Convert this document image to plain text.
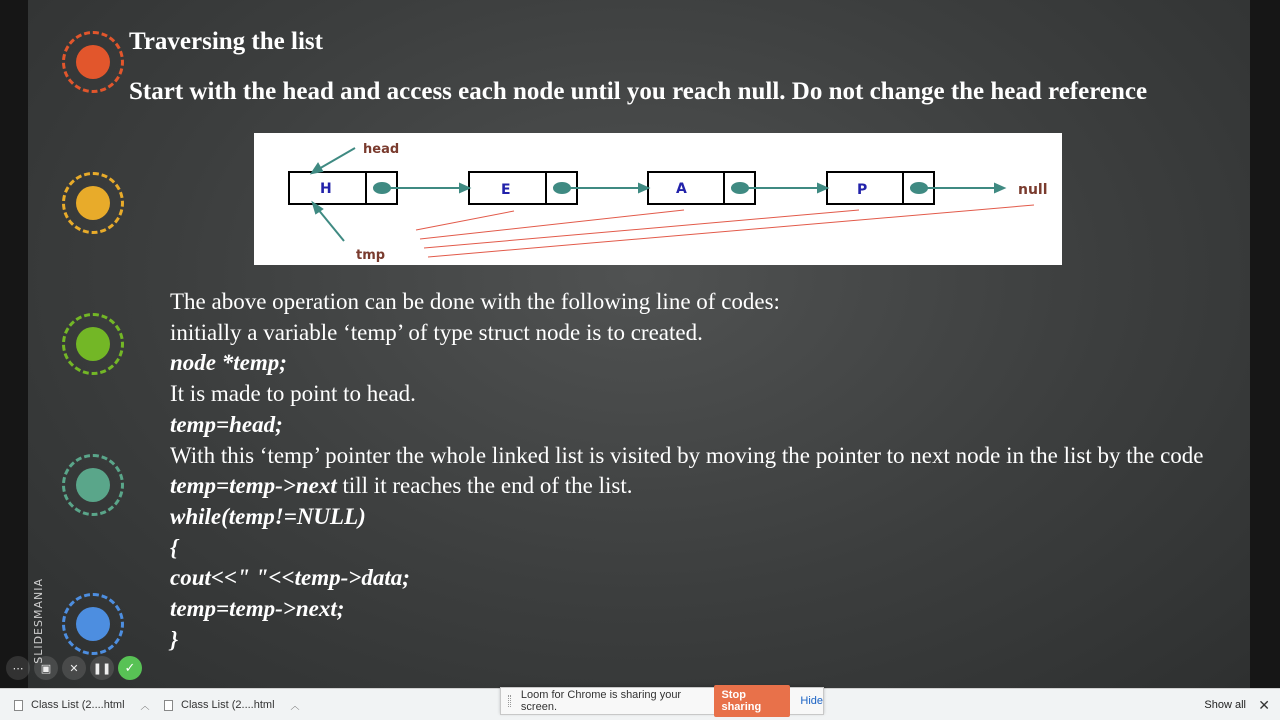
Traversing the list
Start with the head and access each node until you reach null. Do not change the head reference
head
tmp
null
H	E	A	P
The above operation can be done with the following line of codes:
initially a variable ‘temp’ of type struct node is to created.
node *temp;
It is made to point to head.
temp=head;
With this ‘temp’ pointer the whole linked list is visited by moving the pointer to next node in the list by the code temp=temp->next till it reaches the end of the list.
while(temp!=NULL)
{
cout<<" "<<temp->data;
temp=temp->next;
}
SLIDESMANIA
⋯	▣	✕	❚❚	✓
Class List (2....html ︿	Class List (2....html ︿	Show all ✕
Loom for Chrome is sharing your screen.
Stop sharing	Hide
